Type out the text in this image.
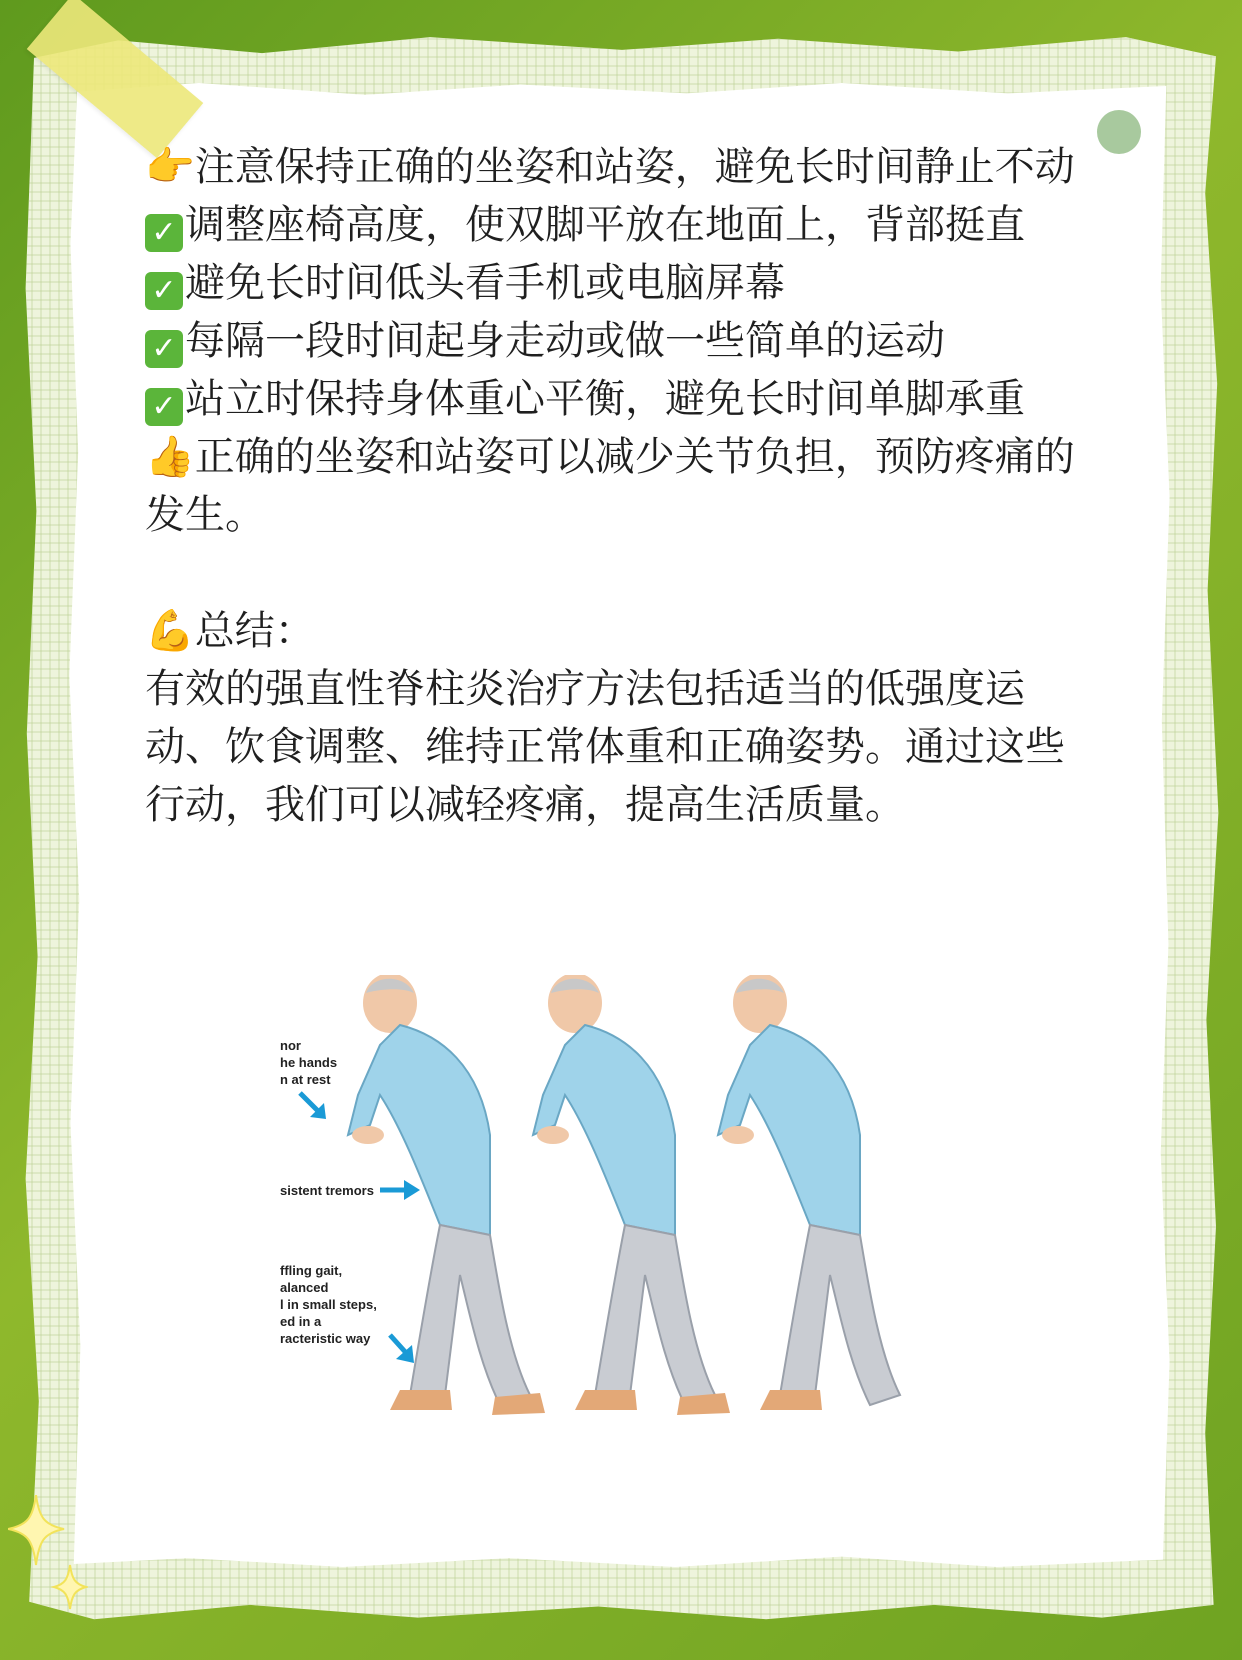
👉注意保持正确的坐姿和站姿，避免长时间静止不动
✓ 调整座椅高度，使双脚平放在地面上，背部挺直
✓ 避免长时间低头看手机或电脑屏幕
✓ 每隔一段时间起身走动或做一些简单的运动
✓ 站立时保持身体重心平衡，避免长时间单脚承重
👍正确的坐姿和站姿可以减少关节负担，预防疼痛的发生。
💪总结：
有效的强直性脊柱炎治疗方法包括适当的低强度运动、饮食调整、维持正常体重和正确姿势。通过这些行动，我们可以减轻疼痛，提高生活质量。
nor
he hands
n at rest
sistent tremors
ffling gait,
alanced
l in small steps,
ed in a
racteristic way
